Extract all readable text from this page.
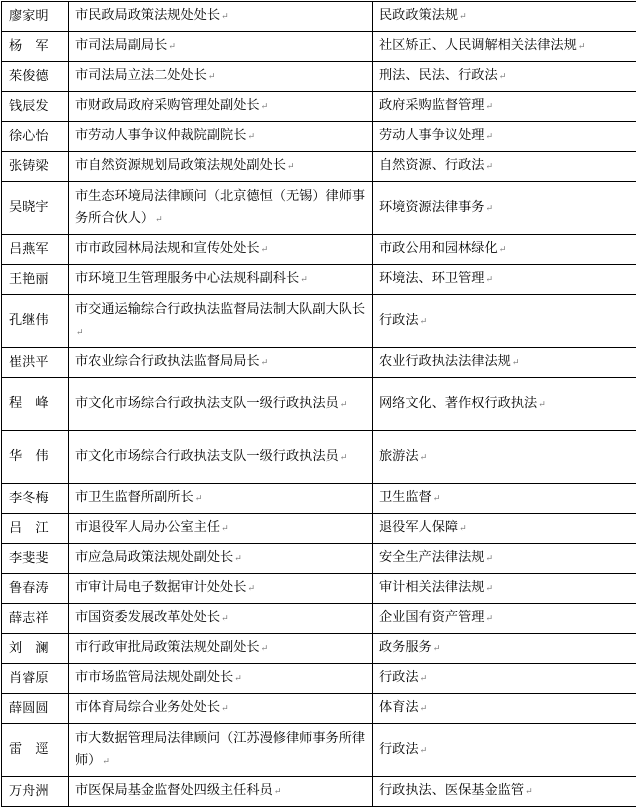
廖家明	市民政局政策法规处处长↵	民政政策法规↵
杨　军	市司法局副局长↵	社区矫正、人民调解相关法律法规↵
茱俊德	市司法局立法二处处长↵	刑法、民法、行政法↵
钱辰发	市财政局政府采购管理处副处长↵	政府采购监督管理↵
徐心怡	市劳动人事争议仲裁院副院长↵	劳动人事争议处理↵
张铸梁	市自然资源规划局政策法规处副处长↵	自然资源、行政法↵
吴晓宇	市生态环境局法律顾问（北京德恒（无锡）律师事务所合伙人）↵	环境资源法律事务↵
吕燕军	市市政园林局法规和宣传处处长↵	市政公用和园林绿化↵
王艳丽	市环境卫生管理服务中心法规科副科长↵	环境法、环卫管理↵
孔继伟	市交通运输综合行政执法监督局法制大队副大队长↵	行政法↵
崔洪平	市农业综合行政执法监督局局长↵	农业行政执法法律法规↵
程　峰	市文化市场综合行政执法支队一级行政执法员↵	网络文化、著作权行政执法↵
华　伟	市文化市场综合行政执法支队一级行政执法员↵	旅游法↵
李冬梅	市卫生监督所副所长↵	卫生监督↵
吕　江	市退役军人局办公室主任↵	退役军人保障↵
李斐斐	市应急局政策法规处副处长↵	安全生产法律法规↵
鲁春涛	市审计局电子数据审计处处长↵	审计相关法律法规↵
薛志祥	市国资委发展改革处处长↵	企业国有资产管理↵
刘　澜	市行政审批局政策法规处副处长↵	政务服务↵
肖睿原	市市场监管局法规处副处长↵	行政法↵
薛圆圆	市体育局综合业务处处长↵	体育法↵
雷　逕	市大数据管理局法律顾问（江苏漫修律师事务所律师）↵	行政法↵
万舟洲	市医保局基金监督处四级主任科员↵	行政执法、医保基金监管↵
